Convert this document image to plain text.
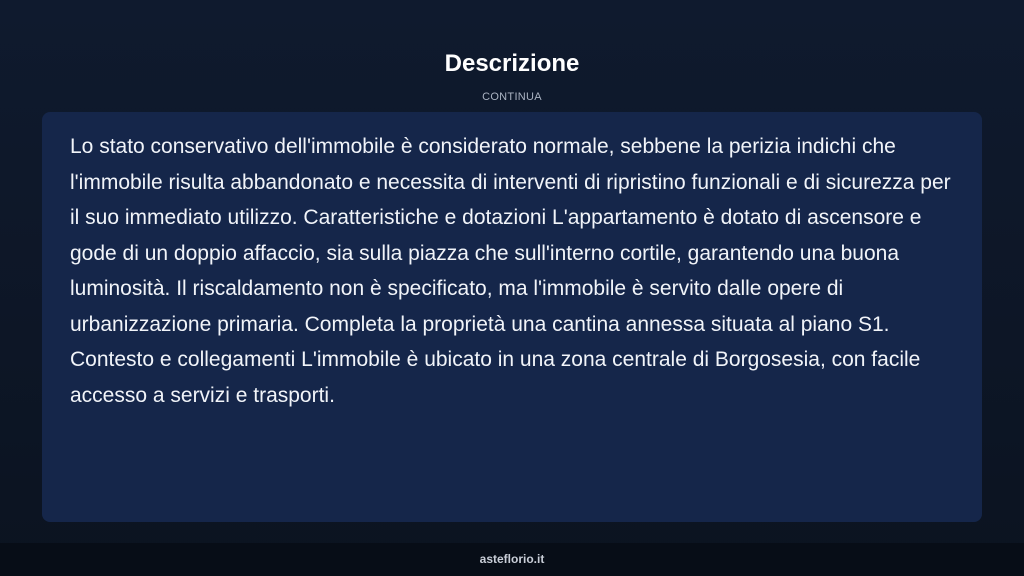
Descrizione
CONTINUA

Lo stato conservativo dell'immobile è considerato normale, sebbene la perizia indichi che l'immobile risulta abbandonato e necessita di interventi di ripristino funzionali e di sicurezza per il suo immediato utilizzo. Caratteristiche e dotazioni L'appartamento è dotato di ascensore e gode di un doppio affaccio, sia sulla piazza che sull'interno cortile, garantendo una buona luminosità. Il riscaldamento non è specificato, ma l'immobile è servito dalle opere di urbanizzazione primaria. Completa la proprietà una cantina annessa situata al piano S1. Contesto e collegamenti L'immobile è ubicato in una zona centrale di Borgosesia, con facile accesso a servizi e trasporti.

asteflorio.it
